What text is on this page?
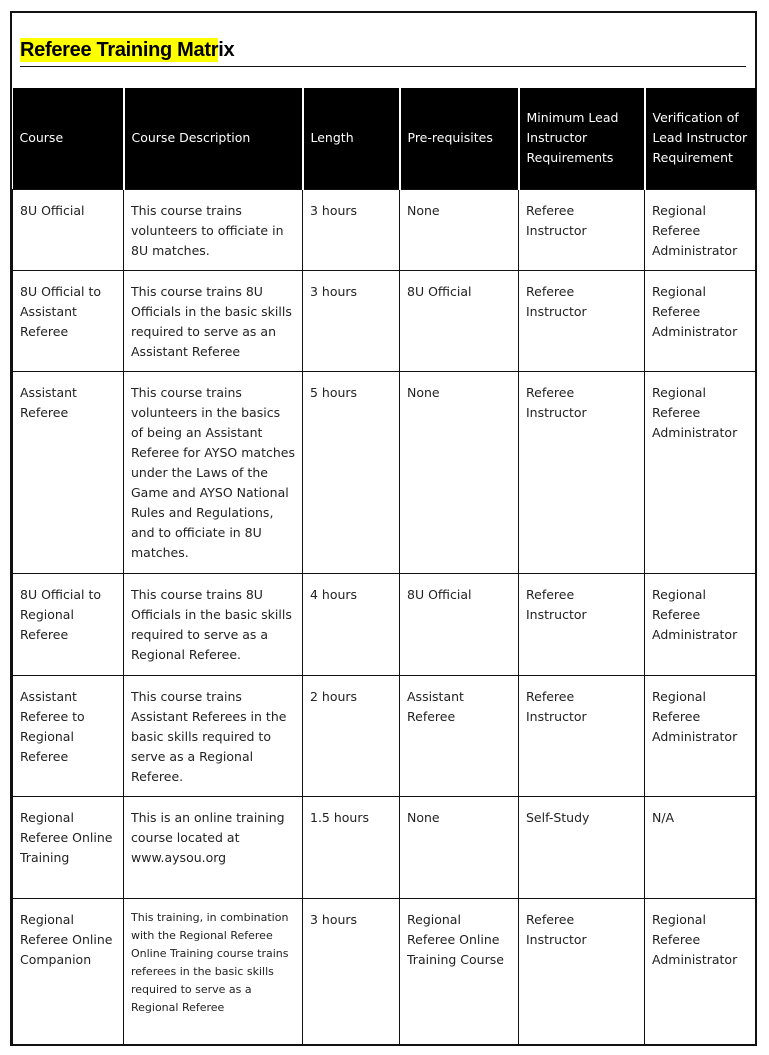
Referee Training Matrix
Course	Course Description	Length	Pre-requisites	Minimum Lead Instructor Requirements	Verification of Lead Instructor Requirement
8U Official	This course trains volunteers to officiate in 8U matches.	3 hours	None	Referee Instructor	Regional Referee Administrator
8U Official to Assistant Referee	This course trains 8U Officials in the basic skills required to serve as an Assistant Referee	3 hours	8U Official	Referee Instructor	Regional Referee Administrator
Assistant Referee	This course trains volunteers in the basics of being an Assistant Referee for AYSO matches under the Laws of the Game and AYSO National Rules and Regulations, and to officiate in 8U matches.	5 hours	None	Referee Instructor	Regional Referee Administrator
8U Official to Regional Referee	This course trains 8U Officials in the basic skills required to serve as a Regional Referee.	4 hours	8U Official	Referee Instructor	Regional Referee Administrator
Assistant Referee to Regional Referee	This course trains Assistant Referees in the basic skills required to serve as a Regional Referee.	2 hours	Assistant Referee	Referee Instructor	Regional Referee Administrator
Regional Referee Online Training	This is an online training course located at www.aysou.org	1.5 hours	None	Self-Study	N/A
Regional Referee Online Companion	This training, in combination with the Regional Referee Online Training course trains referees in the basic skills required to serve as a Regional Referee	3 hours	Regional Referee Online Training Course	Referee Instructor	Regional Referee Administrator
